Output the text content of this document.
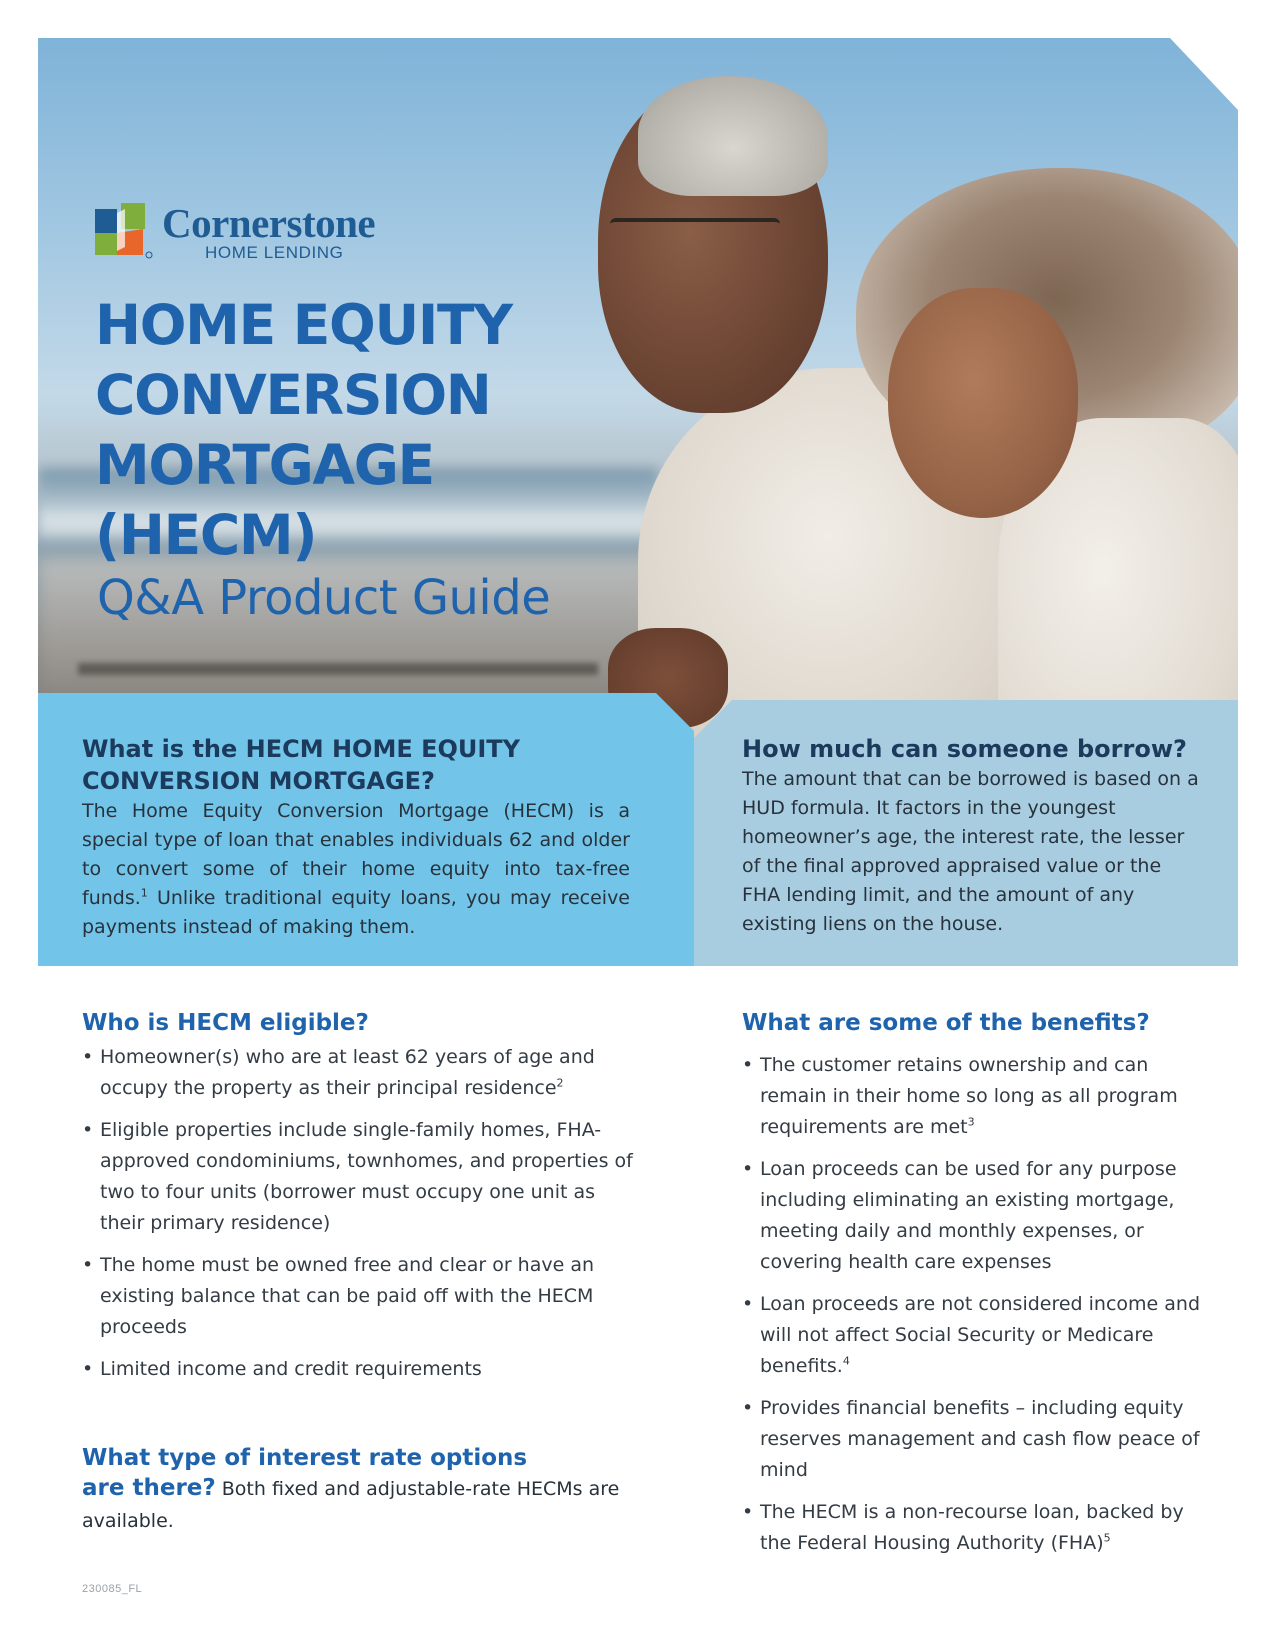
Cornerstone
HOME LENDING
HOME EQUITY
CONVERSION
MORTGAGE
(HECM)
Q&A Product Guide
What is the HECM HOME EQUITY CONVERSION MORTGAGE?
The Home Equity Conversion Mortgage (HECM) is a special type of loan that enables individuals 62 and older to convert some of their home equity into tax-free funds.$^1$ Unlike traditional equity loans, you may receive payments instead of making them.
How much can someone borrow?
The amount that can be borrowed is based on a HUD formula. It factors in the youngest homeowner’s age, the interest rate, the lesser of the final approved appraised value or the FHA lending limit, and the amount of any existing liens on the house.
Who is HECM eligible?
• Homeowner(s) who are at least 62 years of age and occupy the property as their principal residence$^2$
• Eligible properties include single-family homes, FHA-approved condominiums, townhomes, and properties of two to four units (borrower must occupy one unit as their primary residence)
• The home must be owned free and clear or have an existing balance that can be paid off with the HECM proceeds
• Limited income and credit requirements
What are some of the benefits?
• The customer retains ownership and can remain in their home so long as all program requirements are met$^3$
• Loan proceeds can be used for any purpose including eliminating an existing mortgage, meeting daily and monthly expenses, or covering health care expenses
• Loan proceeds are not considered income and will not affect Social Security or Medicare benefits.$^4$
• Provides financial benefits – including equity reserves management and cash flow peace of mind
• The HECM is a non-recourse loan, backed by the Federal Housing Authority (FHA)$^5$
What type of interest rate options
are there? Both fixed and adjustable-rate HECMs are available.
230085_FL
